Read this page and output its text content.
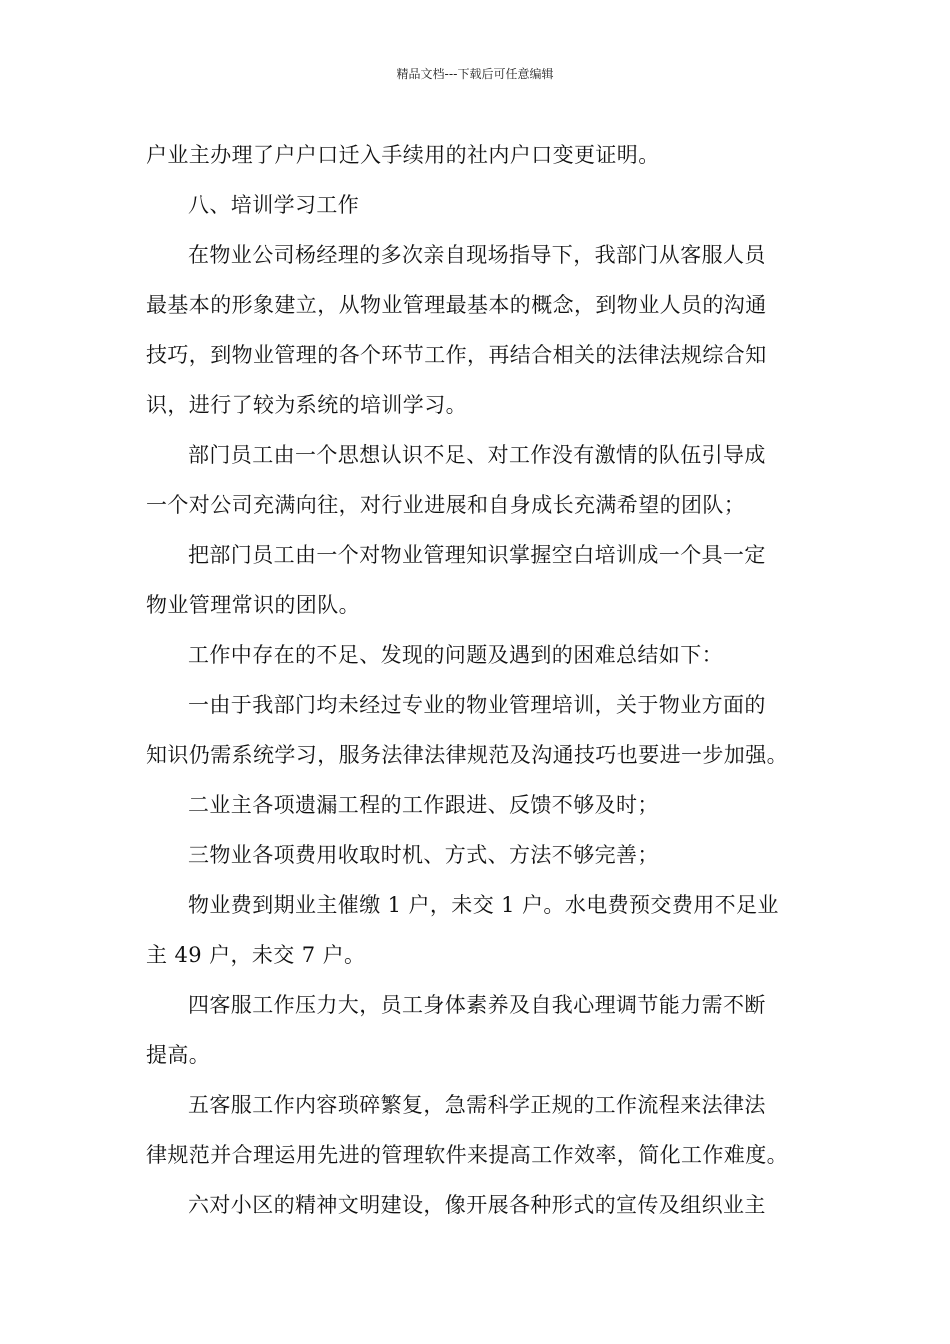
精品文档---下载后可任意编辑
户业主办理了户户口迁入手续用的社内户口变更证明。
八、培训学习工作
在物业公司杨经理的多次亲自现场指导下，我部门从客服人员
最基本的形象建立，从物业管理最基本的概念，到物业人员的沟通
技巧，到物业管理的各个环节工作，再结合相关的法律法规综合知
识，进行了较为系统的培训学习。
部门员工由一个思想认识不足、对工作没有激情的队伍引导成
一个对公司充满向往，对行业进展和自身成长充满希望的团队；
把部门员工由一个对物业管理知识掌握空白培训成一个具一定
物业管理常识的团队。
工作中存在的不足、发现的问题及遇到的困难总结如下：
一由于我部门均未经过专业的物业管理培训，关于物业方面的
知识仍需系统学习，服务法律法律规范及沟通技巧也要进一步加强。
二业主各项遗漏工程的工作跟进、反馈不够及时；
三物业各项费用收取时机、方式、方法不够完善；
物业费到期业主催缴 1 户，未交 1 户。水电费预交费用不足业
主 49 户，未交 7 户。
四客服工作压力大，员工身体素养及自我心理调节能力需不断
提高。
五客服工作内容琐碎繁复，急需科学正规的工作流程来法律法
律规范并合理运用先进的管理软件来提高工作效率，简化工作难度。
六对小区的精神文明建设，像开展各种形式的宣传及组织业主
